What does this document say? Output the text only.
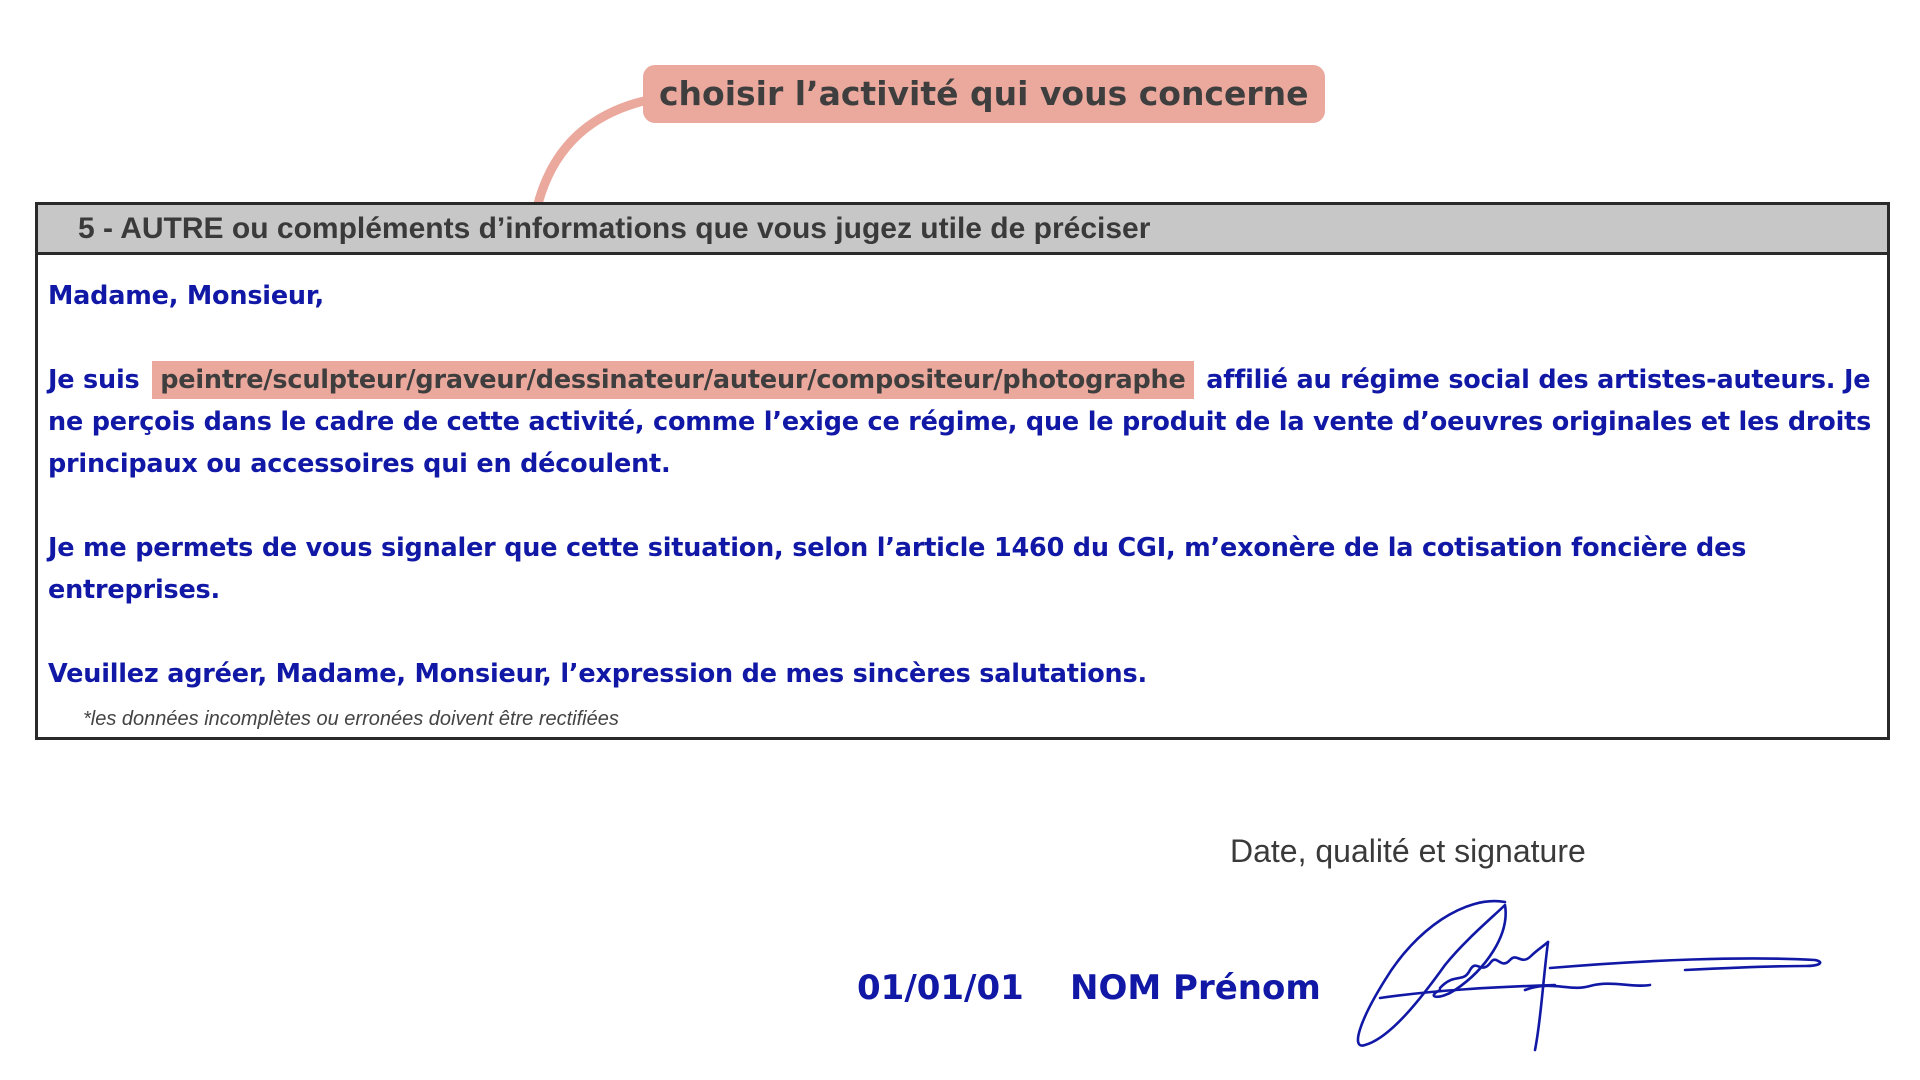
choisir l’activité qui vous concerne
5 - AUTRE ou compléments d’informations que vous jugez utile de préciser

Madame, Monsieur,

Je suis peintre/sculpteur/graveur/dessinateur/auteur/compositeur/photographe affilié au régime social des artistes-auteurs. Je ne perçois dans le cadre de cette activité, comme l’exige ce régime, que le produit de la vente d’oeuvres originales et les droits principaux ou accessoires qui en découlent.

Je me permets de vous signaler que cette situation, selon l’article 1460 du CGI, m’exonère de la cotisation foncière des entreprises.

Veuillez agréer, Madame, Monsieur, l’expression de mes sincères salutations.

*les données incomplètes ou erronées doivent être rectifiées
Date, qualité et signature
01/01/01 NOM Prénom
